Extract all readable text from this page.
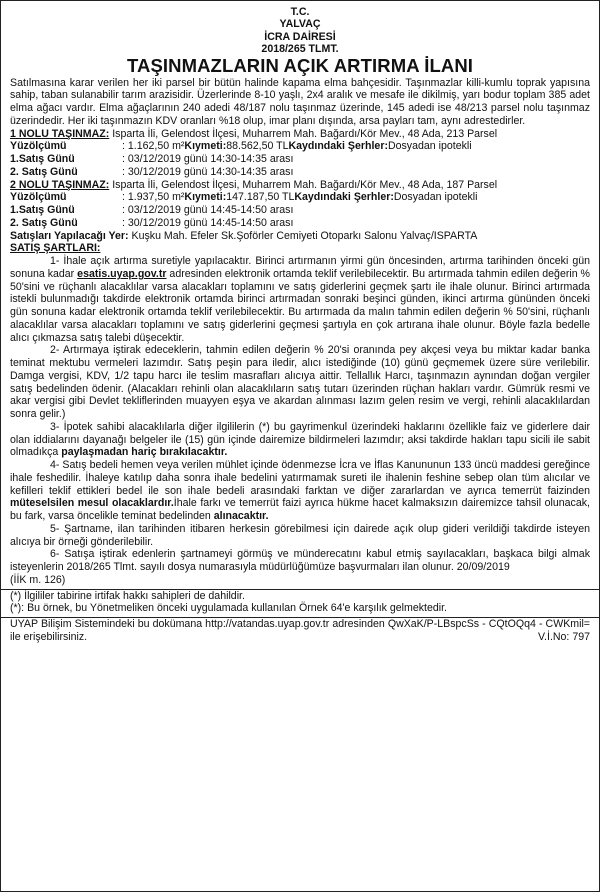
T.C.
YALVAÇ
İCRA DAİRESİ
2018/265 TLMT.
TAŞINMAZLARIN AÇIK ARTIRMA İLANI
Satılmasına karar verilen her iki parsel bir bütün halinde kapama elma bahçesidir. Taşınmazlar killi-kumlu toprak yapısına sahip, taban sulanabilir tarım arazisidir. Üzerlerinde 8-10 yaşlı, 2x4 aralık ve mesafe ile dikilmiş, yarı bodur toplam 385 adet elma ağacı vardır. Elma ağaçlarının 240 adedi 48/187 nolu taşınmaz üzerinde, 145 adedi ise 48/213 parsel nolu taşınmaz üzerindedir. Her iki taşınmazın KDV oranları %18 olup, imar planı dışında, arsa payları tam, aynı adrestedirler.
1 NOLU TAŞINMAZ: Isparta İli, Gelendost İlçesi, Muharrem Mah. Bağardı/Kör Mev., 48 Ada, 213 Parsel
Yüzölçümü	: 1.162,50 m² Kıymeti: 88.562,50 TL Kaydındaki Şerhler: Dosyadan ipotekli
1.Satış Günü	: 03/12/2019 günü 14:30-14:35 arası
2. Satış Günü	: 30/12/2019 günü 14:30-14:35 arası
2 NOLU TAŞINMAZ: Isparta İli, Gelendost İlçesi, Muharrem Mah. Bağardı/Kör Mev., 48 Ada, 187 Parsel
Yüzölçümü	: 1.937,50 m² Kıymeti: 147.187,50 TL Kaydındaki Şerhler: Dosyadan ipotekli
1.Satış Günü	: 03/12/2019 günü 14:45-14:50 arası
2. Satış Günü	: 30/12/2019 günü 14:45-14:50 arası
Satışları Yapılacağı Yer: Kuşku Mah. Efeler Sk.Şoförler Cemiyeti Otoparkı Salonu Yalvaç/ISPARTA
SATIŞ ŞARTLARI:
1- İhale açık artırma suretiyle yapılacaktır. Birinci artırmanın yirmi gün öncesinden, artırma tarihinden önceki gün sonuna kadar esatis.uyap.gov.tr adresinden elektronik ortamda teklif verilebilecektir. Bu artırmada tahmin edilen değerin % 50'sini ve rüçhanlı alacaklılar varsa alacakları toplamını ve satış giderlerini geçmek şartı ile ihale olunur. Birinci artırmada istekli bulunmadığı takdirde elektronik ortamda birinci artırmadan sonraki beşinci günden, ikinci artırma gününden önceki gün sonuna kadar elektronik ortamda teklif verilebilecektir. Bu artırmada da malın tahmin edilen değerin % 50'sini, rüçhanlı alacaklılar varsa alacakları toplamını ve satış giderlerini geçmesi şartıyla en çok artırana ihale olunur. Böyle fazla bedelle alıcı çıkmazsa satış talebi düşecektir.
2- Artırmaya iştirak edeceklerin, tahmin edilen değerin % 20'si oranında pey akçesi veya bu miktar kadar banka teminat mektubu vermeleri lazımdır. Satış peşin para iledir, alıcı istediğinde (10) günü geçmemek üzere süre verilebilir. Damga vergisi, KDV, 1/2 tapu harcı ile teslim masrafları alıcıya aittir. Tellallık Harcı, taşınmazın aynından doğan vergiler satış bedelinden ödenir. (Alacakları rehinli olan alacaklıların satış tutarı üzerinden rüçhan hakları vardır. Gümrük resmi ve akar vergisi gibi Devlet tekliflerinden muayyen eşya ve akardan alınması lazım gelen resim ve vergi, rehinli alacaklılardan sonra gelir.)
3- İpotek sahibi alacaklılarla diğer ilgililerin (*) bu gayrimenkul üzerindeki haklarını özellikle faiz ve giderlere dair olan iddialarını dayanağı belgeler ile (15) gün içinde dairemize bildirmeleri lazımdır; aksi takdirde hakları tapu sicili ile sabit olmadıkça paylaşmadan hariç bırakılacaktır.
4- Satış bedeli hemen veya verilen mühlet içinde ödenmezse İcra ve İflas Kanununun 133 üncü maddesi gereğince ihale feshedilir. İhaleye katılıp daha sonra ihale bedelini yatırmamak sureti ile ihalenin feshine sebep olan tüm alıcılar ve kefilleri teklif ettikleri bedel ile son ihale bedeli arasındaki farktan ve diğer zararlardan ve ayrıca temerrüt faizinden müteselsilen mesul olacaklardır.İhale farkı ve temerrüt faizi ayrıca hükme hacet kalmaksızın dairemizce tahsil olunacak, bu fark, varsa öncelikle teminat bedelinden alınacaktır.
5- Şartname, ilan tarihinden itibaren herkesin görebilmesi için dairede açık olup gideri verildiği takdirde isteyen alıcıya bir örneği gönderilebilir.
6- Satışa iştirak edenlerin şartnameyi görmüş ve münderecatını kabul etmiş sayılacakları, başkaca bilgi almak isteyenlerin 2018/265 Tlmt. sayılı dosya numarasıyla müdürlüğümüze başvurmaları ilan olunur. 20/09/2019
(İİK m. 126)
(*) İlgililer tabirine irtifak hakkı sahipleri de dahildir.
(*): Bu örnek, bu Yönetmeliken önceki uygulamada kullanılan Örnek 64'e karşılık gelmektedir.
UYAP Bilişim Sistemindeki bu dokümana http://vatandas.uyap.gov.tr adresinden QwXaK/P-LBspcSs - CQtOQq4 - CWKmil= ile erişebilirsiniz.	V.İ.No: 797
